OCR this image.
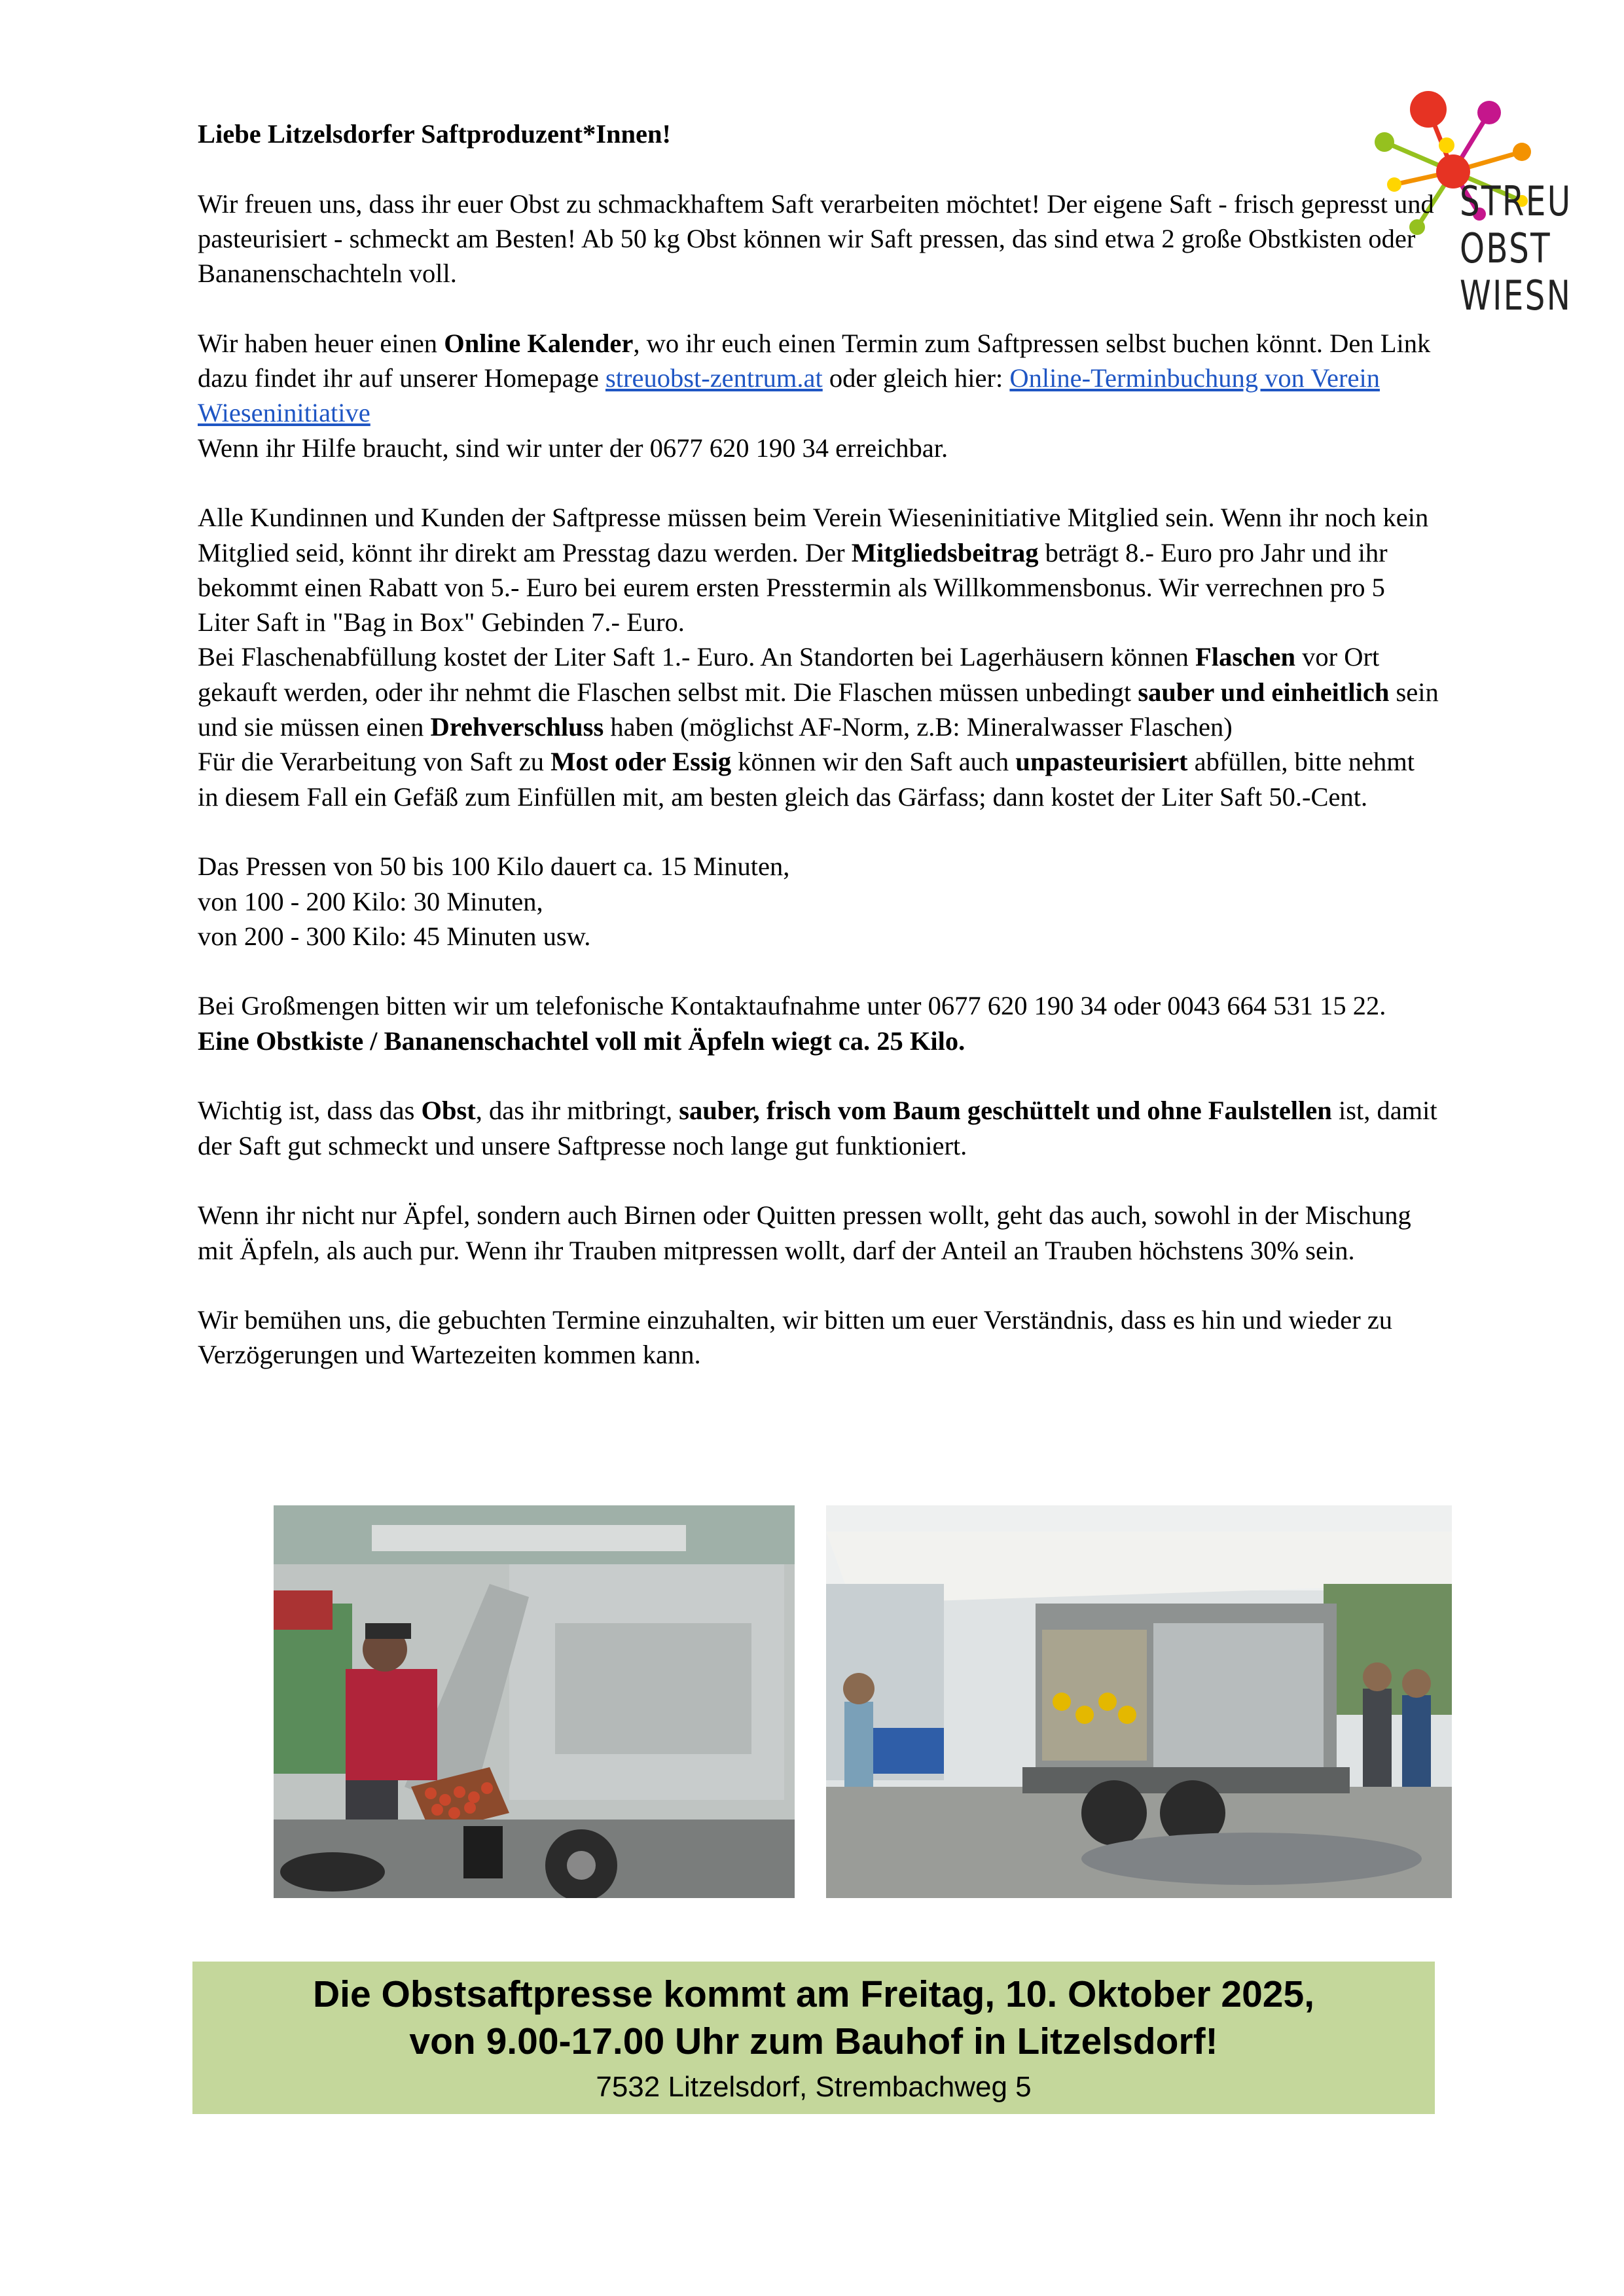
STREU
OBST
WIESN

Liebe Litzelsdorfer Saftproduzent*Innen!

Wir freuen uns, dass ihr euer Obst zu schmackhaftem Saft verarbeiten möchtet! Der eigene Saft - frisch gepresst und pasteurisiert - schmeckt am Besten! Ab 50 kg Obst können wir Saft pressen, das sind etwa 2 große Obstkisten oder Bananenschachteln voll.

Wir haben heuer einen Online Kalender, wo ihr euch einen Termin zum Saftpressen selbst buchen könnt. Den Link dazu findet ihr auf unserer Homepage streuobst-zentrum.at oder gleich hier: Online-Terminbuchung von Verein Wieseninitiative

Wenn ihr Hilfe braucht, sind wir unter der 0677 620 190 34 erreichbar.

Alle Kundinnen und Kunden der Saftpresse müssen beim Verein Wieseninitiative Mitglied sein. Wenn ihr noch kein Mitglied seid, könnt ihr direkt am Presstag dazu werden. Der Mitgliedsbeitrag beträgt 8.- Euro pro Jahr und ihr bekommt einen Rabatt von 5.- Euro bei eurem ersten Presstermin als Willkommensbonus. Wir verrechnen pro 5 Liter Saft in "Bag in Box" Gebinden 7.- Euro.

Bei Flaschenabfüllung kostet der Liter Saft 1.- Euro. An Standorten bei Lagerhäusern können Flaschen vor Ort gekauft werden, oder ihr nehmt die Flaschen selbst mit. Die Flaschen müssen unbedingt sauber und einheitlich sein und sie müssen einen Drehverschluss haben (möglichst AF-Norm, z.B: Mineralwasser Flaschen)

Für die Verarbeitung von Saft zu Most oder Essig können wir den Saft auch unpasteurisiert abfüllen, bitte nehmt in diesem Fall ein Gefäß zum Einfüllen mit, am besten gleich das Gärfass; dann kostet der Liter Saft 50.-Cent.

Das Pressen von 50 bis 100 Kilo dauert ca. 15 Minuten,
von 100 - 200 Kilo: 30 Minuten,
von 200 - 300 Kilo: 45 Minuten usw.

Bei Großmengen bitten wir um telefonische Kontaktaufnahme unter 0677 620 190 34 oder 0043 664 531 15 22.

Eine Obstkiste / Bananenschachtel voll mit Äpfeln wiegt ca. 25 Kilo.

Wichtig ist, dass das Obst, das ihr mitbringt, sauber, frisch vom Baum geschüttelt und ohne Faulstellen ist, damit der Saft gut schmeckt und unsere Saftpresse noch lange gut funktioniert.

Wenn ihr nicht nur Äpfel, sondern auch Birnen oder Quitten pressen wollt, geht das auch, sowohl in der Mischung mit Äpfeln, als auch pur. Wenn ihr Trauben mitpressen wollt, darf der Anteil an Trauben höchstens 30% sein.

Wir bemühen uns, die gebuchten Termine einzuhalten, wir bitten um euer Verständnis, dass es hin und wieder zu Verzögerungen und Wartezeiten kommen kann.

Die Obstsaftpresse kommt am Freitag, 10. Oktober 2025,
von 9.00-17.00 Uhr zum Bauhof in Litzelsdorf!
7532 Litzelsdorf, Strembachweg 5
